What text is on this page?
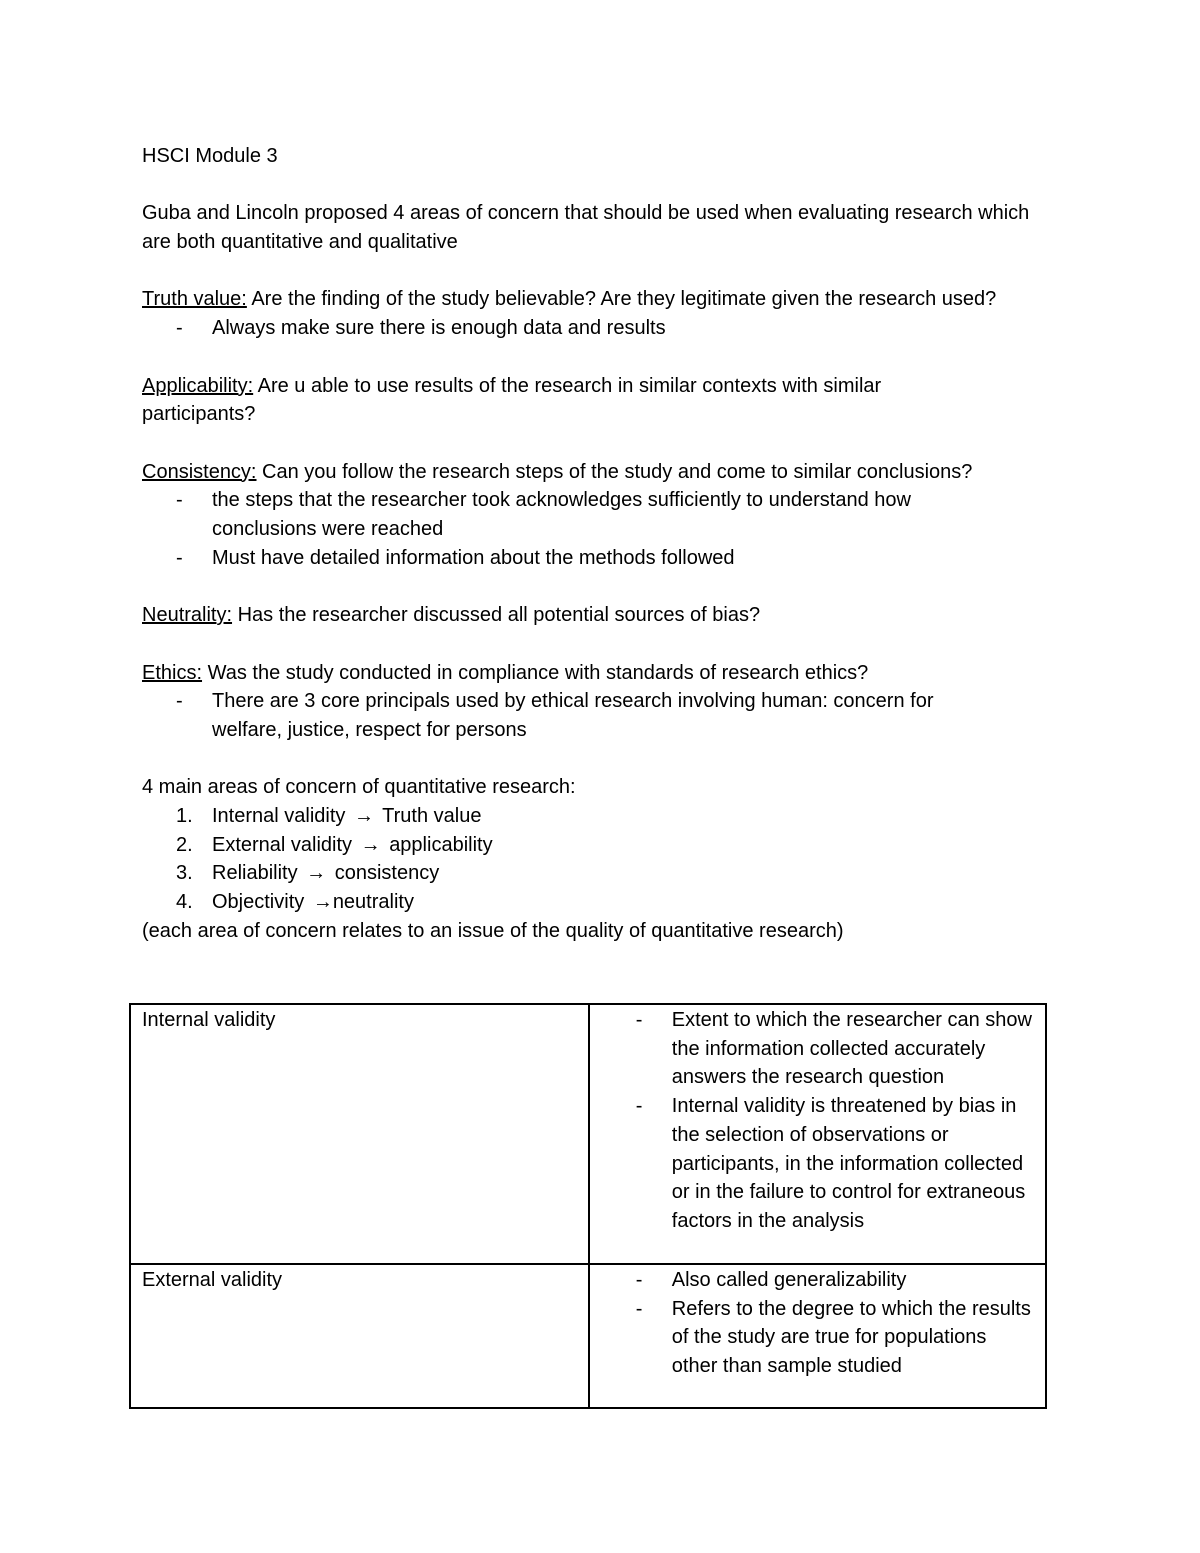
HSCI Module 3
Guba and Lincoln proposed 4 areas of concern that should be used when evaluating research which are both quantitative and qualitative
Truth value: Are the finding of the study believable? Are they legitimate given the research used?
- Always make sure there is enough data and results
Applicability: Are u able to use results of the research in similar contexts with similar participants?
Consistency: Can you follow the research steps of the study and come to similar conclusions?
- the steps that the researcher took acknowledges sufficiently to understand how conclusions were reached
- Must have detailed information about the methods followed
Neutrality: Has the researcher discussed all potential sources of bias?
Ethics: Was the study conducted in compliance with standards of research ethics?
- There are 3 core principals used by ethical research involving human: concern for welfare, justice, respect for persons
4 main areas of concern of quantitative research:
1. Internal validity → Truth value
2. External validity → applicability
3. Reliability → consistency
4. Objectivity →neutrality
(each area of concern relates to an issue of the quality of quantitative research)
Internal validity	- Extent to which the researcher can show the information collected accurately answers the research question
- Internal validity is threatened by bias in the selection of observations or participants, in the information collected or in the failure to control for extraneous factors in the analysis

External validity	- Also called generalizability
- Refers to the degree to which the results of the study are true for populations other than sample studied
